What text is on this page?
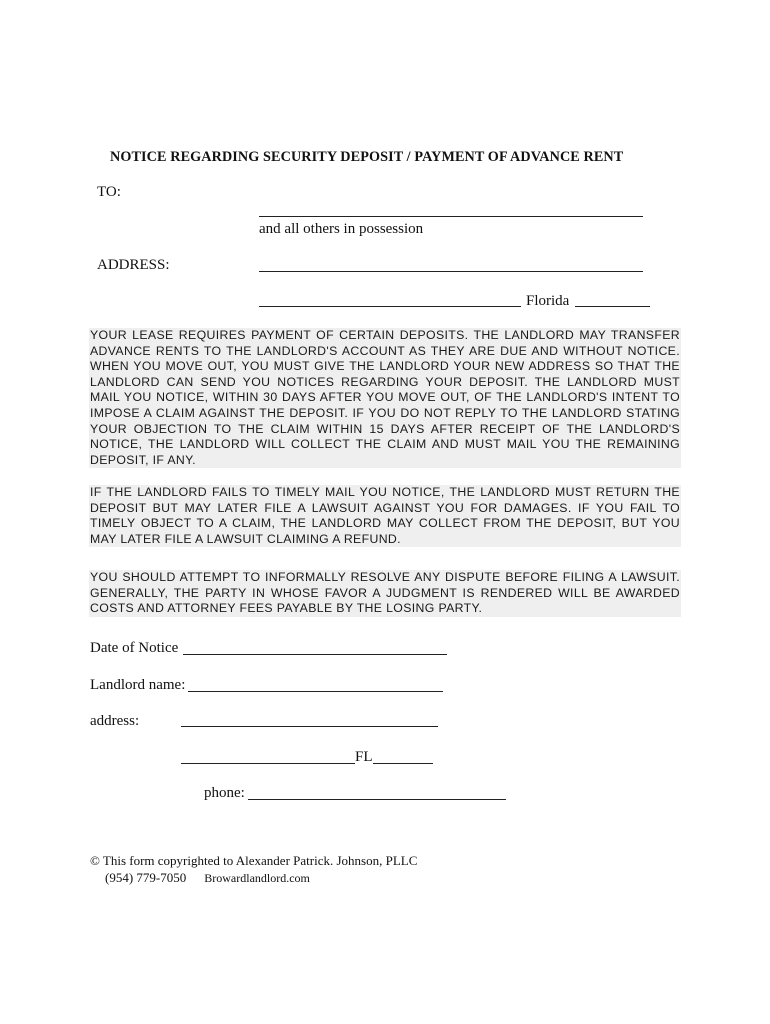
NOTICE REGARDING SECURITY DEPOSIT / PAYMENT OF ADVANCE RENT
TO:
and all others in possession
ADDRESS:
Florida

YOUR LEASE REQUIRES PAYMENT OF CERTAIN DEPOSITS. THE LANDLORD MAY TRANSFER ADVANCE RENTS TO THE LANDLORD'S ACCOUNT AS THEY ARE DUE AND WITHOUT NOTICE. WHEN YOU MOVE OUT, YOU MUST GIVE THE LANDLORD YOUR NEW ADDRESS SO THAT THE LANDLORD CAN SEND YOU NOTICES REGARDING YOUR DEPOSIT. THE LANDLORD MUST MAIL YOU NOTICE, WITHIN 30 DAYS AFTER YOU MOVE OUT, OF THE LANDLORD'S INTENT TO IMPOSE A CLAIM AGAINST THE DEPOSIT. IF YOU DO NOT REPLY TO THE LANDLORD STATING YOUR OBJECTION TO THE CLAIM WITHIN 15 DAYS AFTER RECEIPT OF THE LANDLORD'S NOTICE, THE LANDLORD WILL COLLECT THE CLAIM AND MUST MAIL YOU THE REMAINING DEPOSIT, IF ANY.

IF THE LANDLORD FAILS TO TIMELY MAIL YOU NOTICE, THE LANDLORD MUST RETURN THE DEPOSIT BUT MAY LATER FILE A LAWSUIT AGAINST YOU FOR DAMAGES. IF YOU FAIL TO TIMELY OBJECT TO A CLAIM, THE LANDLORD MAY COLLECT FROM THE DEPOSIT, BUT YOU MAY LATER FILE A LAWSUIT CLAIMING A REFUND.

YOU SHOULD ATTEMPT TO INFORMALLY RESOLVE ANY DISPUTE BEFORE FILING A LAWSUIT. GENERALLY, THE PARTY IN WHOSE FAVOR A JUDGMENT IS RENDERED WILL BE AWARDED COSTS AND ATTORNEY FEES PAYABLE BY THE LOSING PARTY.

Date of Notice
Landlord name:
address:
FL
phone:
© This form copyrighted to Alexander Patrick. Johnson, PLLC
(954) 779-7050 Browardlandlord.com
